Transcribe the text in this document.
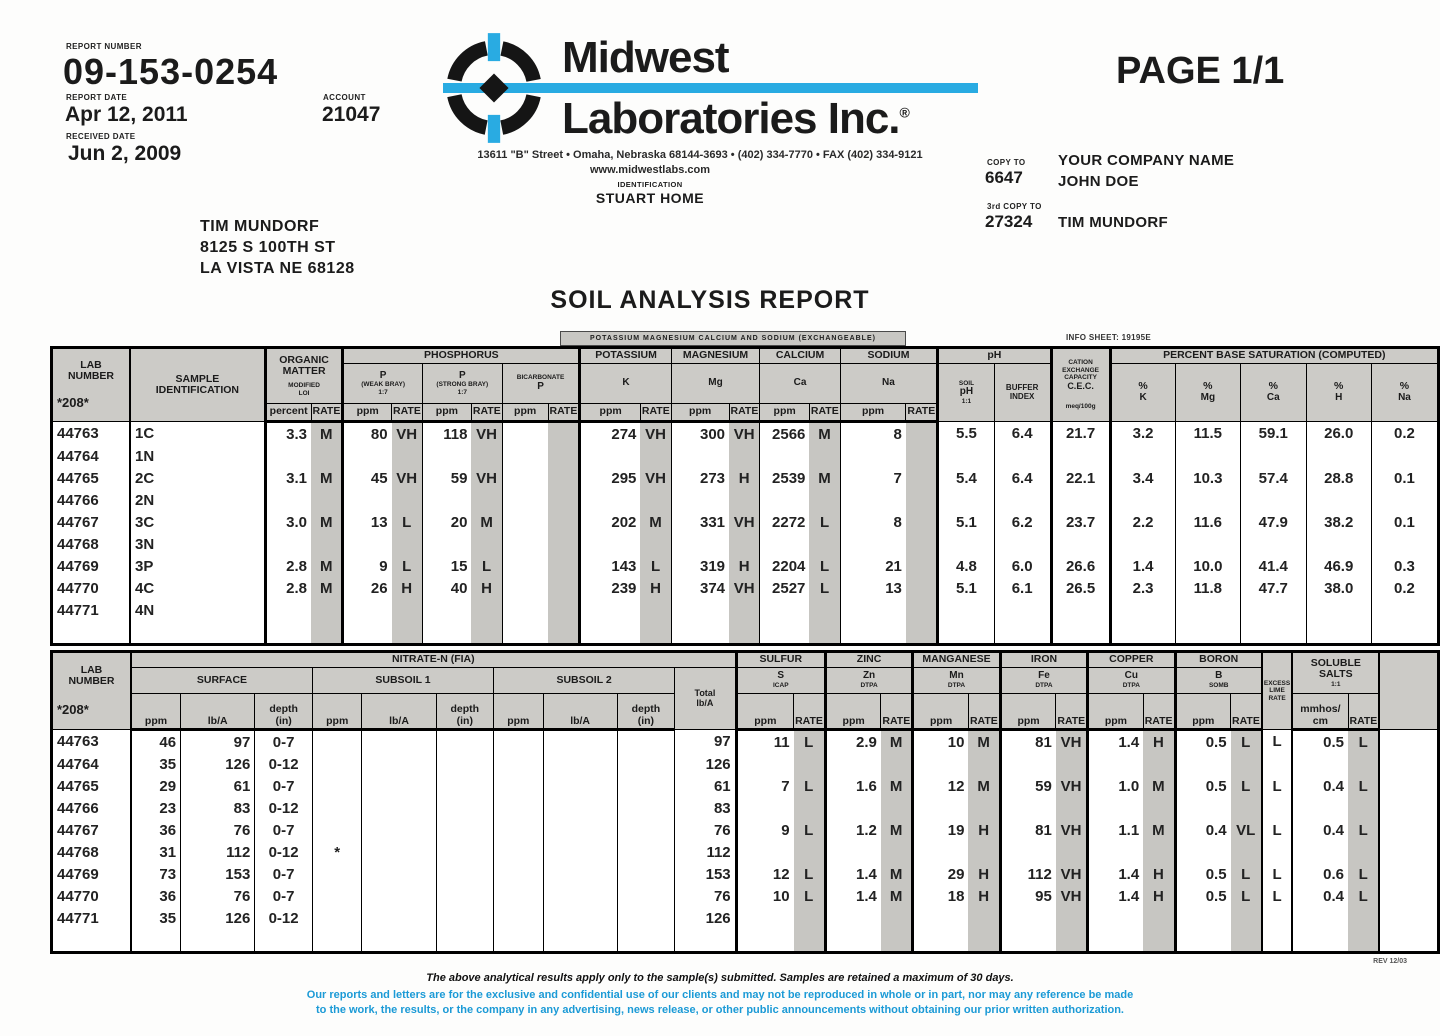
REPORT NUMBER
09-153-0254
REPORT DATE
Apr 12, 2011
ACCOUNT
21047
RECEIVED DATE
Jun 2, 2009
Midwest
Laboratories Inc.®
13611 "B" Street • Omaha, Nebraska 68144-3693 • (402) 334-7770 • FAX (402) 334-9121
www.midwestlabs.com
IDENTIFICATION
STUART HOME
PAGE 1/1
COPY TO
6647
YOUR COMPANY NAME
JOHN DOE
3rd COPY TO
27324 TIM MUNDORF
TIM MUNDORF
8125 S 100TH ST
LA VISTA NE 68128
SOIL ANALYSIS REPORT
POTASSIUM MAGNESIUM CALCIUM AND SODIUM (EXCHANGEABLE)	INFO SHEET: 19195E
LAB
NUMBER
*208*

SAMPLE
IDENTIFICATION

ORGANIC
MATTER
MODIFIED
LOI
	PHOSPHORUS	POTASSIUM	MAGNESIUM	CALCIUM	SODIUM	pH	
CATION
EXCHANGE
CAPACITY
C.E.C.
meq/100g
	PERCENT BASE SATURATION (COMPUTED)

P
(WEAK BRAY)
1:7

P
(STRONG BRAY)
1:7

BICARBONATE
P	K	Mg	Ca	Na	SOIL
pH
1:1

BUFFER
INDEX

%
K

%
Mg

%
Ca

%
H

%
Na

		percent	RATE	ppm	RATE	ppm	RATE	ppm	RATE	ppm	RATE	ppm	RATE	ppm	RATE	ppm	RATE								
44763	1C	3.3	M	80	VH	118	VH			274	VH	300	VH	2566	M	8		5.5	6.4	21.7	3.2	11.5	59.1	26.0	0.2
44764	1N																								
44765	2C	3.1	M	45	VH	59	VH			295	VH	273	H	2539	M	7		5.4	6.4	22.1	3.4	10.3	57.4	28.8	0.1
44766	2N																								
44767	3C	3.0	M	13	L	20	M			202	M	331	VH	2272	L	8		5.1	6.2	23.7	2.2	11.6	47.9	38.2	0.1
44768	3N																								
44769	3P	2.8	M	9	L	15	L			143	L	319	H	2204	L	21		4.8	6.0	26.6	1.4	10.0	41.4	46.9	0.3
44770	4C	2.8	M	26	H	40	H			239	H	374	VH	2527	L	13		5.1	6.1	26.5	2.3	11.8	47.7	38.0	0.2
44771	4N																								

LAB
NUMBER
*208*
	NITRATE-N (FIA)	SULFUR	ZINC	MANGANESE	IRON	COPPER	BORON	
EXCESS
LIME
RATE

SOLUBLE
SALTS
1:1

SURFACE	SUBSOIL 1	SUBSOIL 2	
Total
lb/A

S
ICAP

Zn
DTPA

Mn
DTPA

Fe
DTPA

Cu
DTPA

B
SOMB

ppm	lb/A	
depth
(in)	ppm	lb/A	
depth
(in)	ppm	lb/A	
depth
(in)	ppm	RATE	ppm	RATE	ppm	RATE	ppm	RATE	ppm	RATE	ppm	RATE	
mmhos/
cm	RATE
44763	46	97	0-7							97	11	L	2.9	M	10	M	81	VH	1.4	H	0.5	L	L	0.5	L	
44764	35	126	0-12							126																
44765	29	61	0-7							61	7	L	1.6	M	12	M	59	VH	1.0	M	0.5	L	L	0.4	L	
44766	23	83	0-12							83																
44767	36	76	0-7							76	9	L	1.2	M	19	H	81	VH	1.1	M	0.4	VL	L	0.4	L	
44768	31	112	0-12	*						112																
44769	73	153	0-7							153	12	L	1.4	M	29	H	112	VH	1.4	H	0.5	L	L	0.6	L	
44770	36	76	0-7							76	10	L	1.4	M	18	H	95	VH	1.4	H	0.5	L	L	0.4	L	
44771	35	126	0-12							126																

REV 12/03
The above analytical results apply only to the sample(s) submitted. Samples are retained a maximum of 30 days.
Our reports and letters are for the exclusive and confidential use of our clients and may not be reproduced in whole or in part, nor may any reference be made
to the work, the results, or the company in any advertising, news release, or other public announcements without obtaining our prior written authorization.
